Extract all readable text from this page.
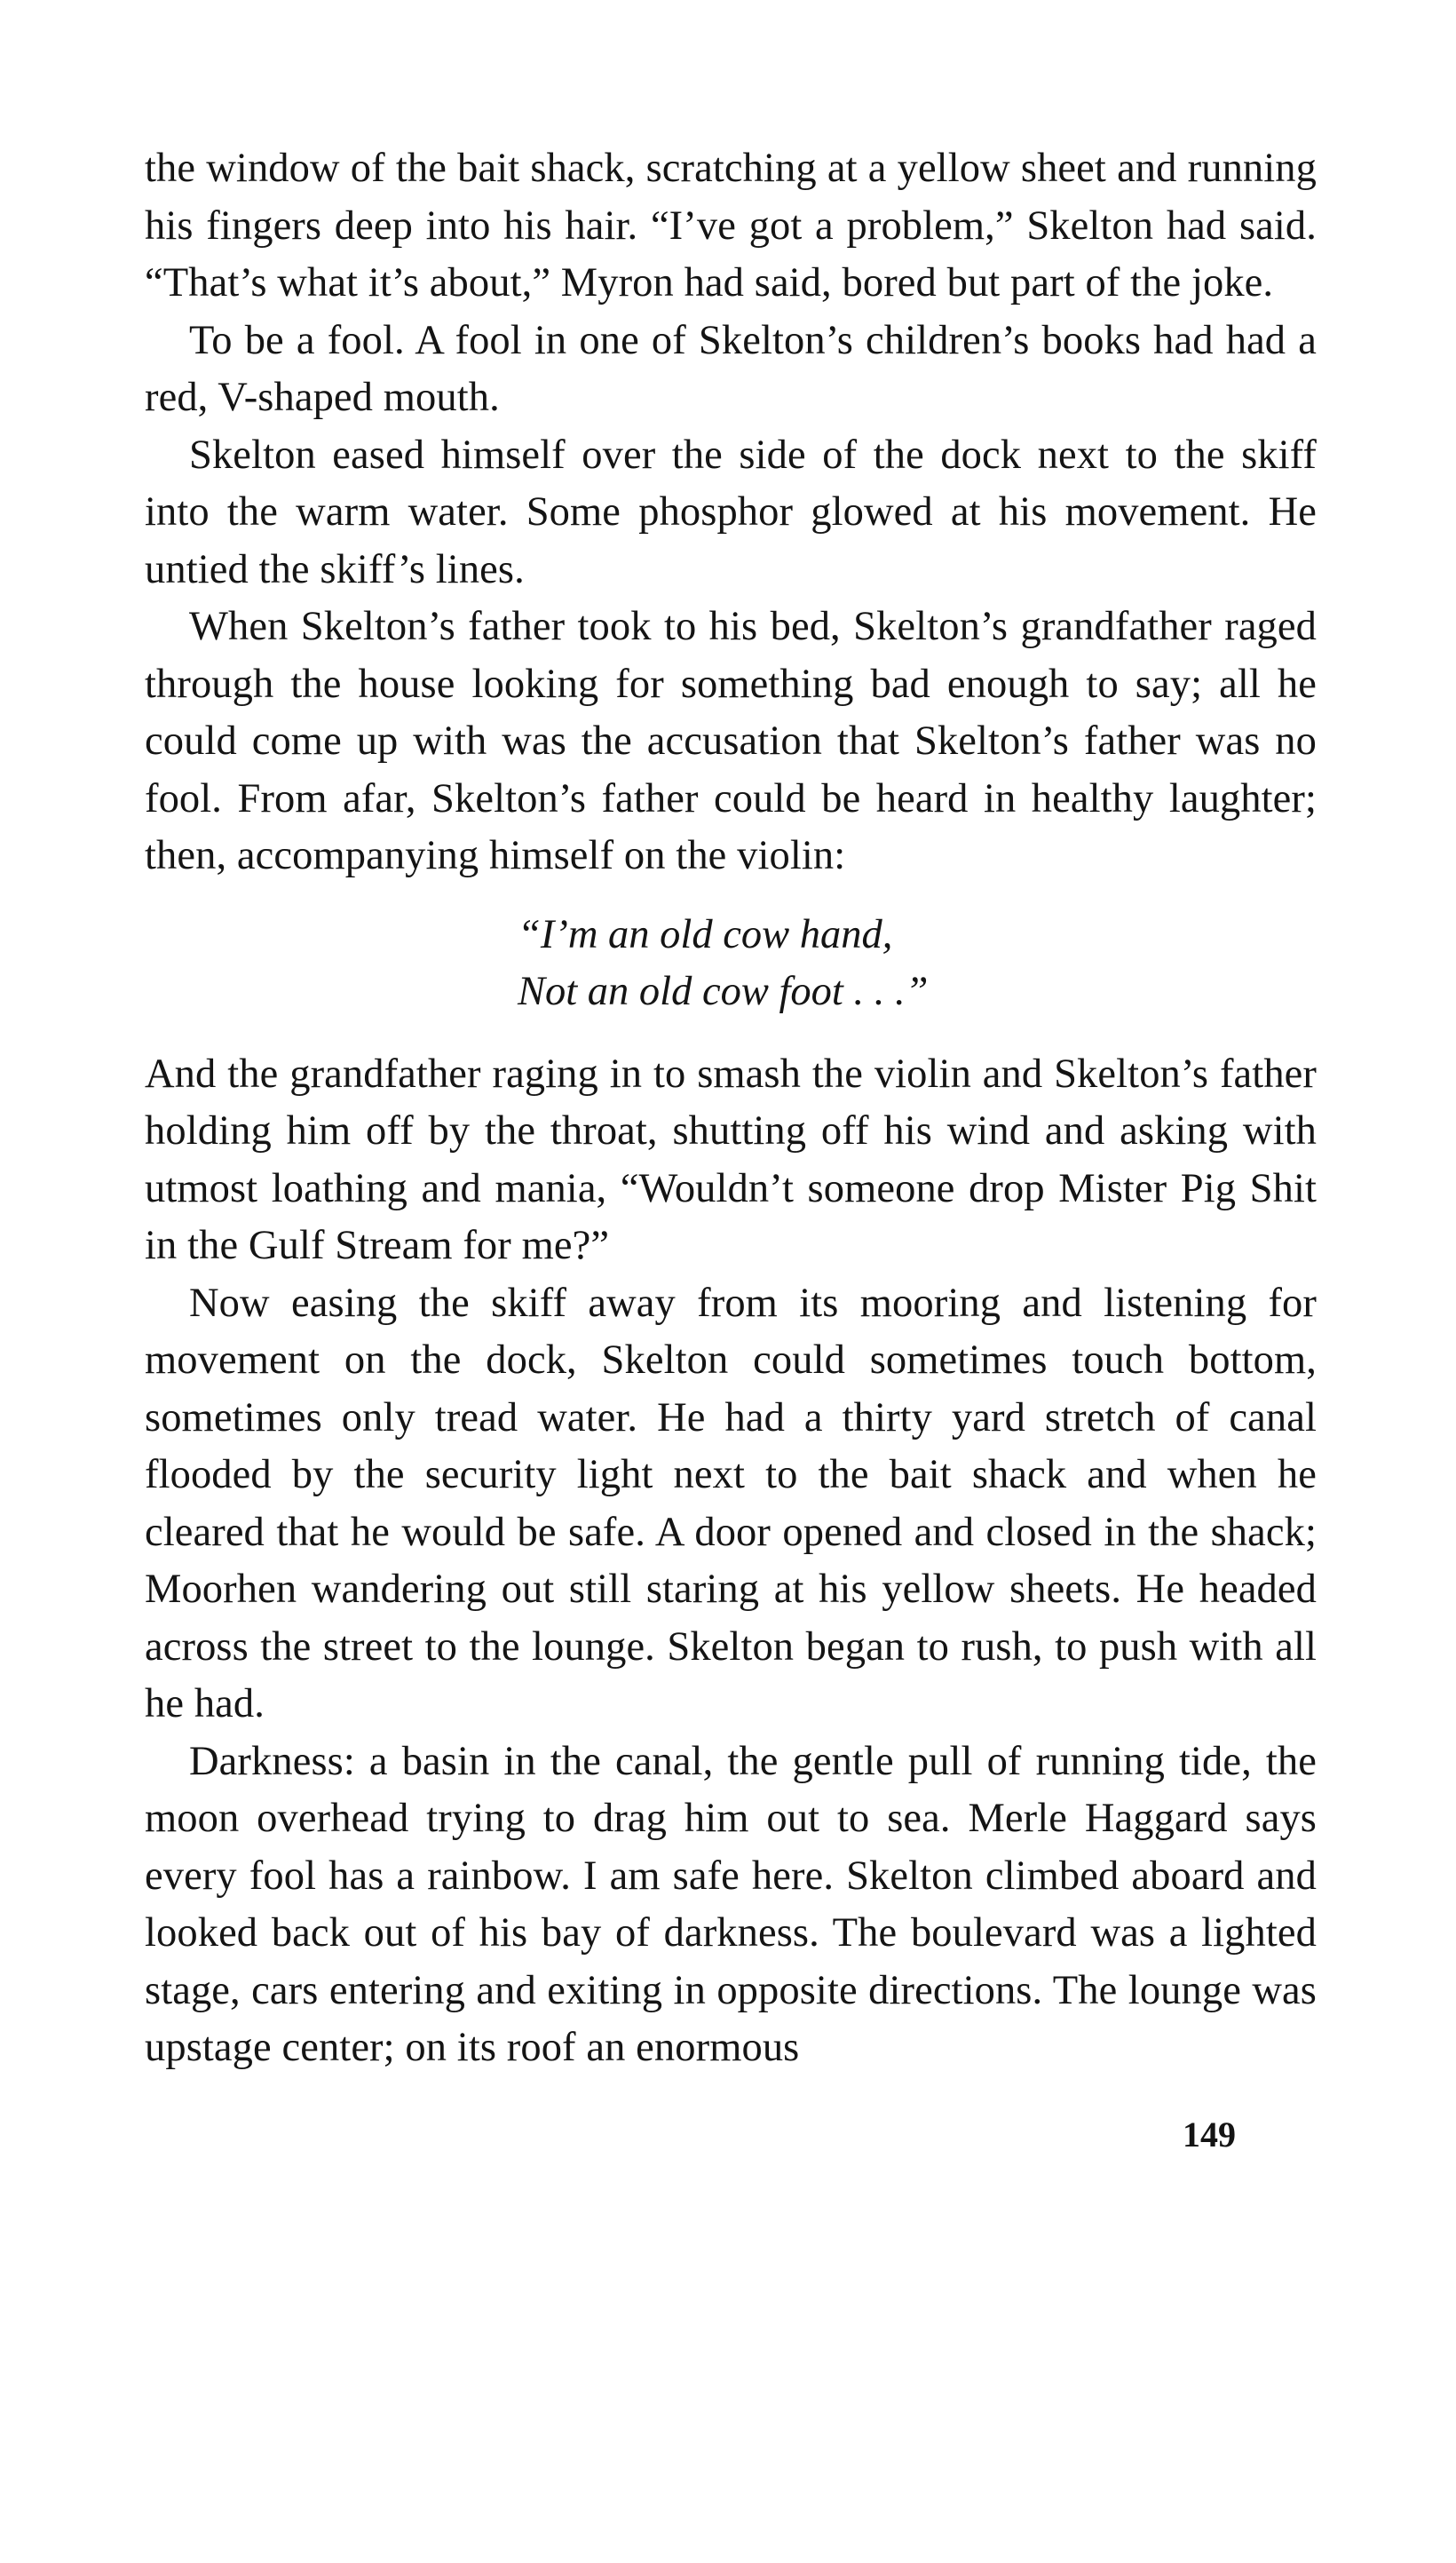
the window of the bait shack, scratching at a yellow sheet and running his fingers deep into his hair. “I’ve got a problem,” Skelton had said. “That’s what it’s about,” Myron had said, bored but part of the joke.

To be a fool. A fool in one of Skelton’s children’s books had had a red, V-shaped mouth.

Skelton eased himself over the side of the dock next to the skiff into the warm water. Some phosphor glowed at his movement. He untied the skiff’s lines.

When Skelton’s father took to his bed, Skelton’s grandfather raged through the house looking for something bad enough to say; all he could come up with was the accusation that Skelton’s father was no fool. From afar, Skelton’s father could be heard in healthy laughter; then, accompanying himself on the violin:

“I’m an old cow hand,
Not an old cow foot . . .”

And the grandfather raging in to smash the violin and Skelton’s father holding him off by the throat, shutting off his wind and asking with utmost loathing and mania, “Wouldn’t someone drop Mister Pig Shit in the Gulf Stream for me?”

Now easing the skiff away from its mooring and listening for movement on the dock, Skelton could sometimes touch bottom, sometimes only tread water. He had a thirty yard stretch of canal flooded by the security light next to the bait shack and when he cleared that he would be safe. A door opened and closed in the shack; Moorhen wandering out still staring at his yellow sheets. He headed across the street to the lounge. Skelton began to rush, to push with all he had.

Darkness: a basin in the canal, the gentle pull of running tide, the moon overhead trying to drag him out to sea. Merle Haggard says every fool has a rainbow. I am safe here. Skelton climbed aboard and looked back out of his bay of darkness. The boulevard was a lighted stage, cars entering and exiting in opposite directions. The lounge was upstage center; on its roof an enormous

149
